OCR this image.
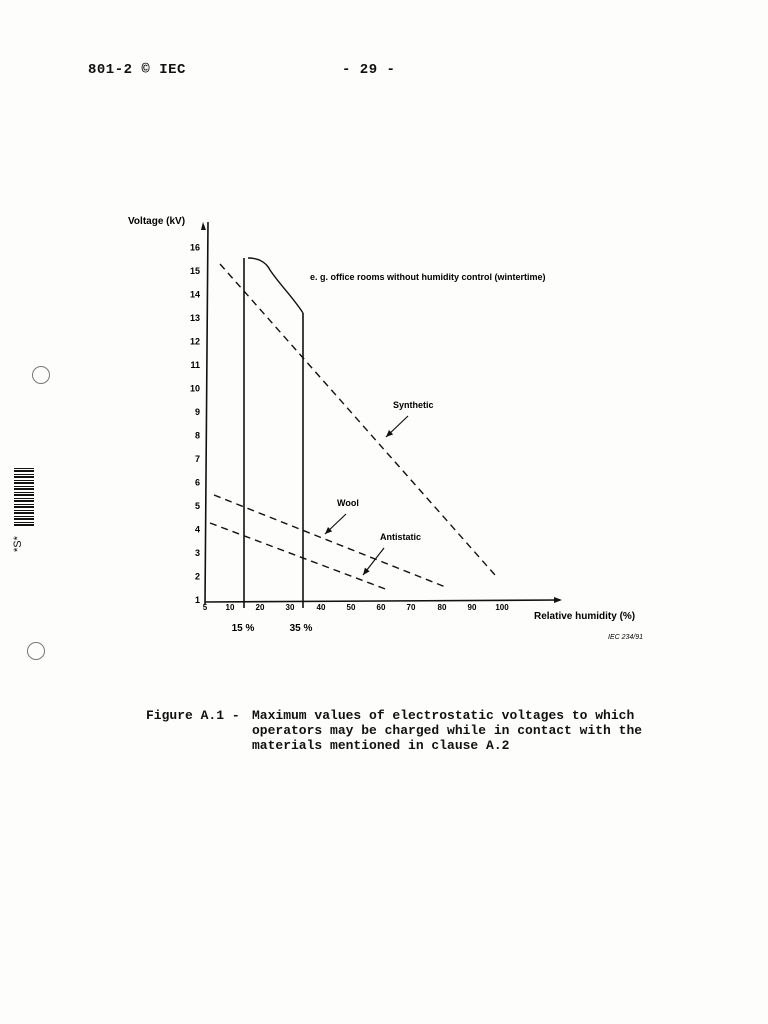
801-2 © IEC	- 29 -
*S*
1
2
3
4
5
6
7
8
9
10
11
12
13
14
15
16
5 10	20	30	40	50	60	70	80	90 100
15 %	35 %
Synthetic
Wool
Antistatic
Voltage (kV)
Relative humidity (%)
e. g. office rooms without humidity control (wintertime)
IEC 234/91
Figure A.1 - Maximum values of electrostatic voltages to which operators may be charged while in contact with the materials mentioned in clause A.2
